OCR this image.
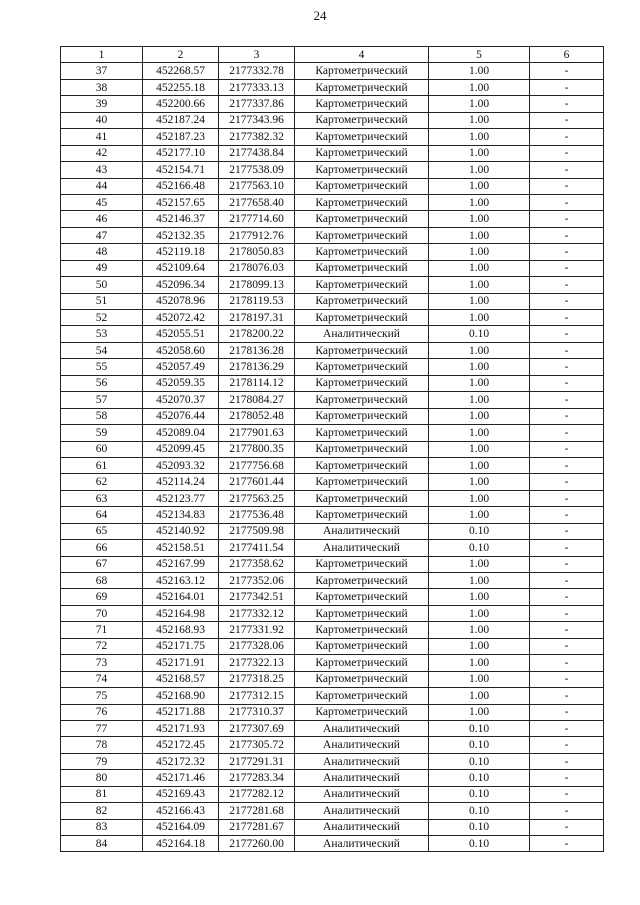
24
1	2	3	4	5	6
37	452268.57	2177332.78	Картометрический	1.00	-
38	452255.18	2177333.13	Картометрический	1.00	-
39	452200.66	2177337.86	Картометрический	1.00	-
40	452187.24	2177343.96	Картометрический	1.00	-
41	452187.23	2177382.32	Картометрический	1.00	-
42	452177.10	2177438.84	Картометрический	1.00	-
43	452154.71	2177538.09	Картометрический	1.00	-
44	452166.48	2177563.10	Картометрический	1.00	-
45	452157.65	2177658.40	Картометрический	1.00	-
46	452146.37	2177714.60	Картометрический	1.00	-
47	452132.35	2177912.76	Картометрический	1.00	-
48	452119.18	2178050.83	Картометрический	1.00	-
49	452109.64	2178076.03	Картометрический	1.00	-
50	452096.34	2178099.13	Картометрический	1.00	-
51	452078.96	2178119.53	Картометрический	1.00	-
52	452072.42	2178197.31	Картометрический	1.00	-
53	452055.51	2178200.22	Аналитический	0.10	-
54	452058.60	2178136.28	Картометрический	1.00	-
55	452057.49	2178136.29	Картометрический	1.00	-
56	452059.35	2178114.12	Картометрический	1.00	-
57	452070.37	2178084.27	Картометрический	1.00	-
58	452076.44	2178052.48	Картометрический	1.00	-
59	452089.04	2177901.63	Картометрический	1.00	-
60	452099.45	2177800.35	Картометрический	1.00	-
61	452093.32	2177756.68	Картометрический	1.00	-
62	452114.24	2177601.44	Картометрический	1.00	-
63	452123.77	2177563.25	Картометрический	1.00	-
64	452134.83	2177536.48	Картометрический	1.00	-
65	452140.92	2177509.98	Аналитический	0.10	-
66	452158.51	2177411.54	Аналитический	0.10	-
67	452167.99	2177358.62	Картометрический	1.00	-
68	452163.12	2177352.06	Картометрический	1.00	-
69	452164.01	2177342.51	Картометрический	1.00	-
70	452164.98	2177332.12	Картометрический	1.00	-
71	452168.93	2177331.92	Картометрический	1.00	-
72	452171.75	2177328.06	Картометрический	1.00	-
73	452171.91	2177322.13	Картометрический	1.00	-
74	452168.57	2177318.25	Картометрический	1.00	-
75	452168.90	2177312.15	Картометрический	1.00	-
76	452171.88	2177310.37	Картометрический	1.00	-
77	452171.93	2177307.69	Аналитический	0.10	-
78	452172.45	2177305.72	Аналитический	0.10	-
79	452172.32	2177291.31	Аналитический	0.10	-
80	452171.46	2177283.34	Аналитический	0.10	-
81	452169.43	2177282.12	Аналитический	0.10	-
82	452166.43	2177281.68	Аналитический	0.10	-
83	452164.09	2177281.67	Аналитический	0.10	-
84	452164.18	2177260.00	Аналитический	0.10	-
